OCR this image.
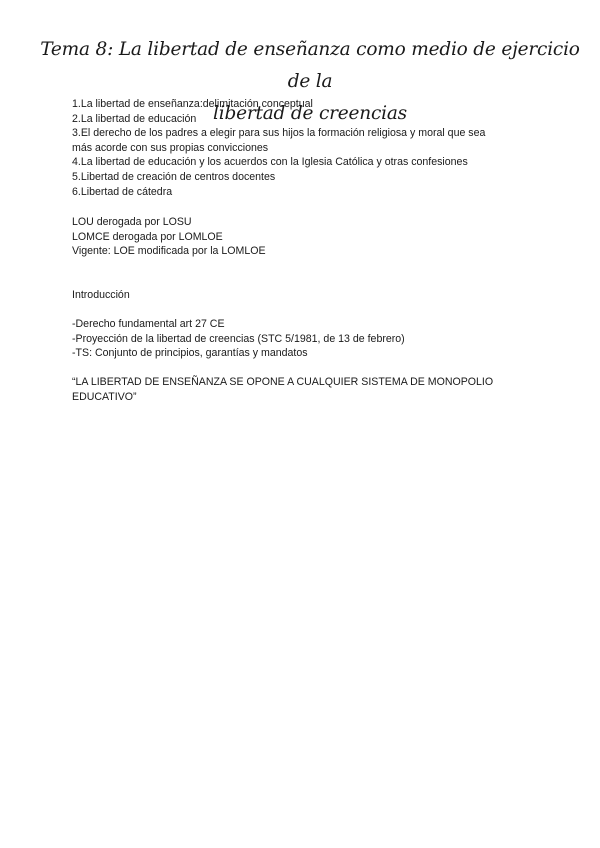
Tema 8: La libertad de enseñanza como medio de ejercicio de la
libertad de creencias
1.La libertad de enseñanza:delimitación conceptual
2.La libertad de educación
3.El derecho de los padres a elegir para sus hijos la formación religiosa y moral que sea
más acorde con sus propias convicciones
4.La libertad de educación y los acuerdos con la Iglesia Católica y otras confesiones
5.Libertad de creación de centros docentes
6.Libertad de cátedra
LOU derogada por LOSU
LOMCE derogada por LOMLOE
Vigente: LOE modificada por la LOMLOE
Introducción
-Derecho fundamental art 27 CE
-Proyección de la libertad de creencias (STC 5/1981, de 13 de febrero)
-TS: Conjunto de principios, garantías y mandatos
“LA LIBERTAD DE ENSEÑANZA SE OPONE A CUALQUIER SISTEMA DE MONOPOLIO
EDUCATIVO”
